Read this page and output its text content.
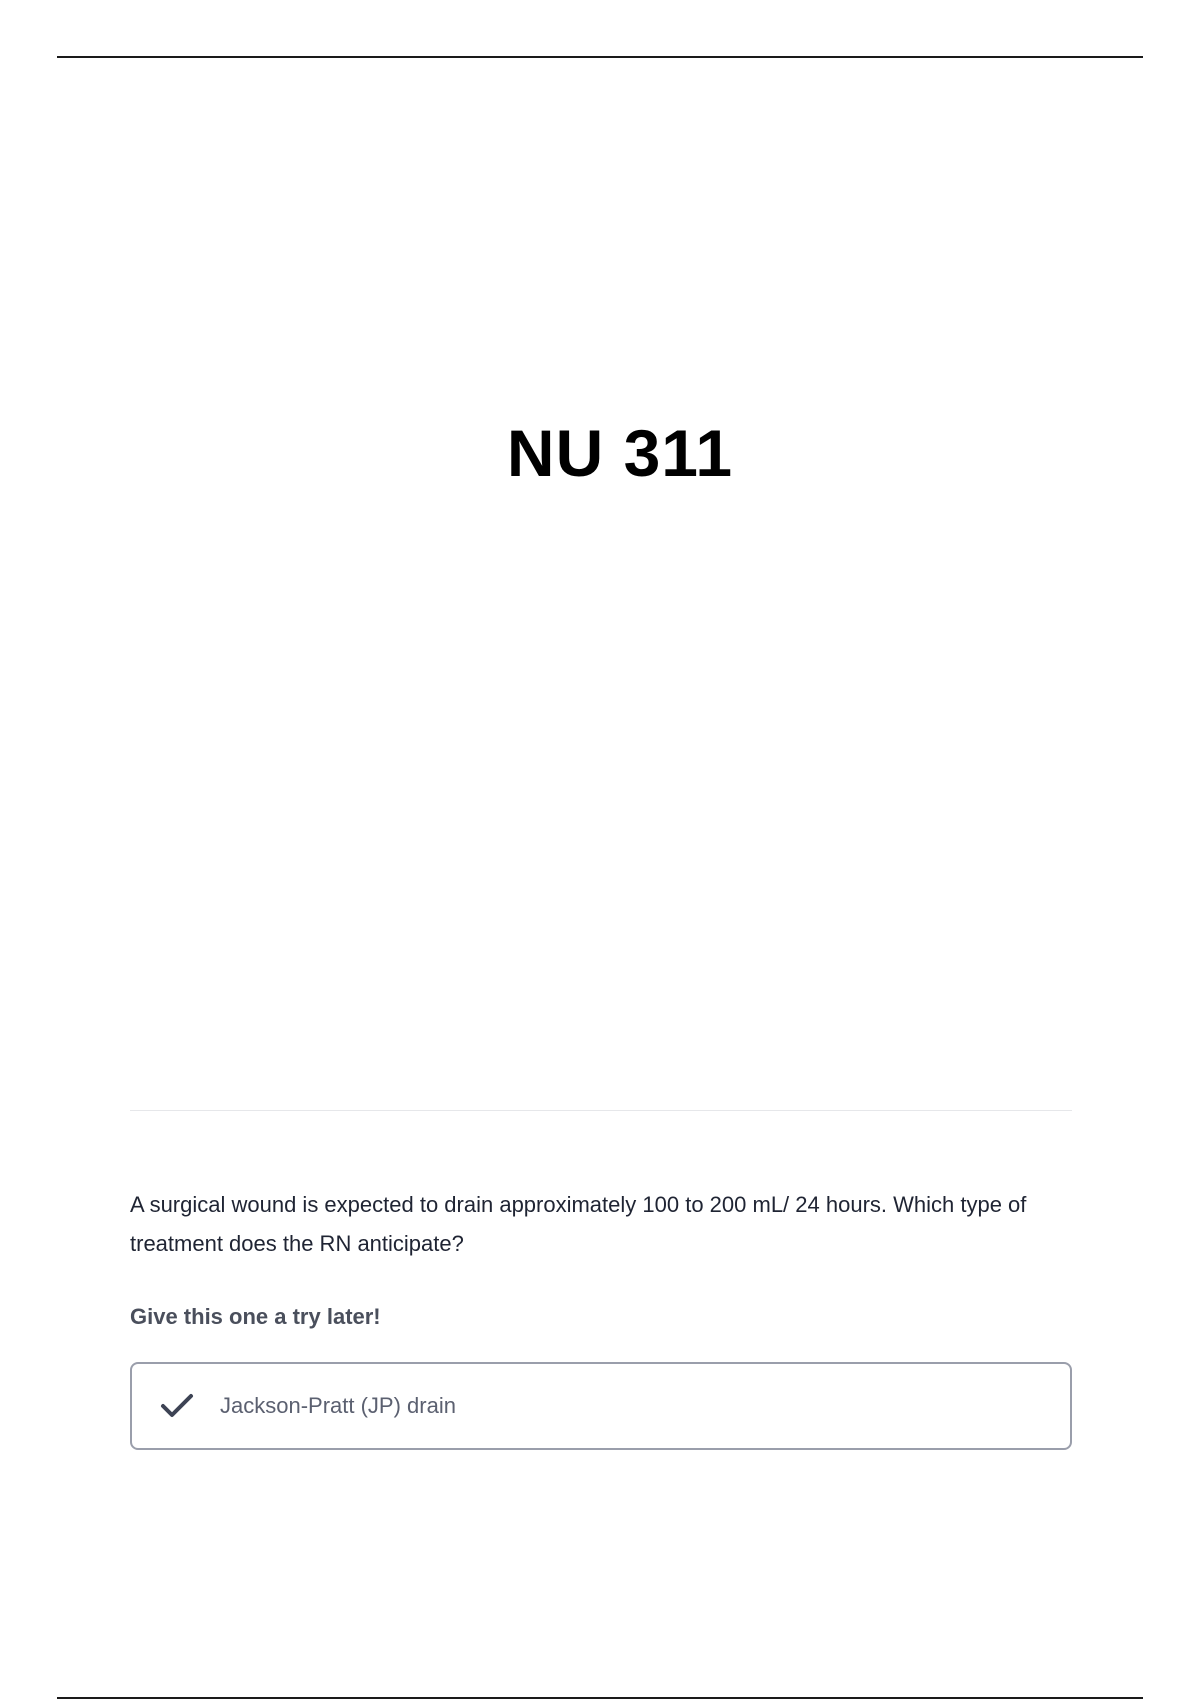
NU 311
A surgical wound is expected to drain approximately 100 to 200 mL/ 24 hours. Which type of treatment does the RN anticipate?
Give this one a try later!
Jackson-Pratt (JP) drain
